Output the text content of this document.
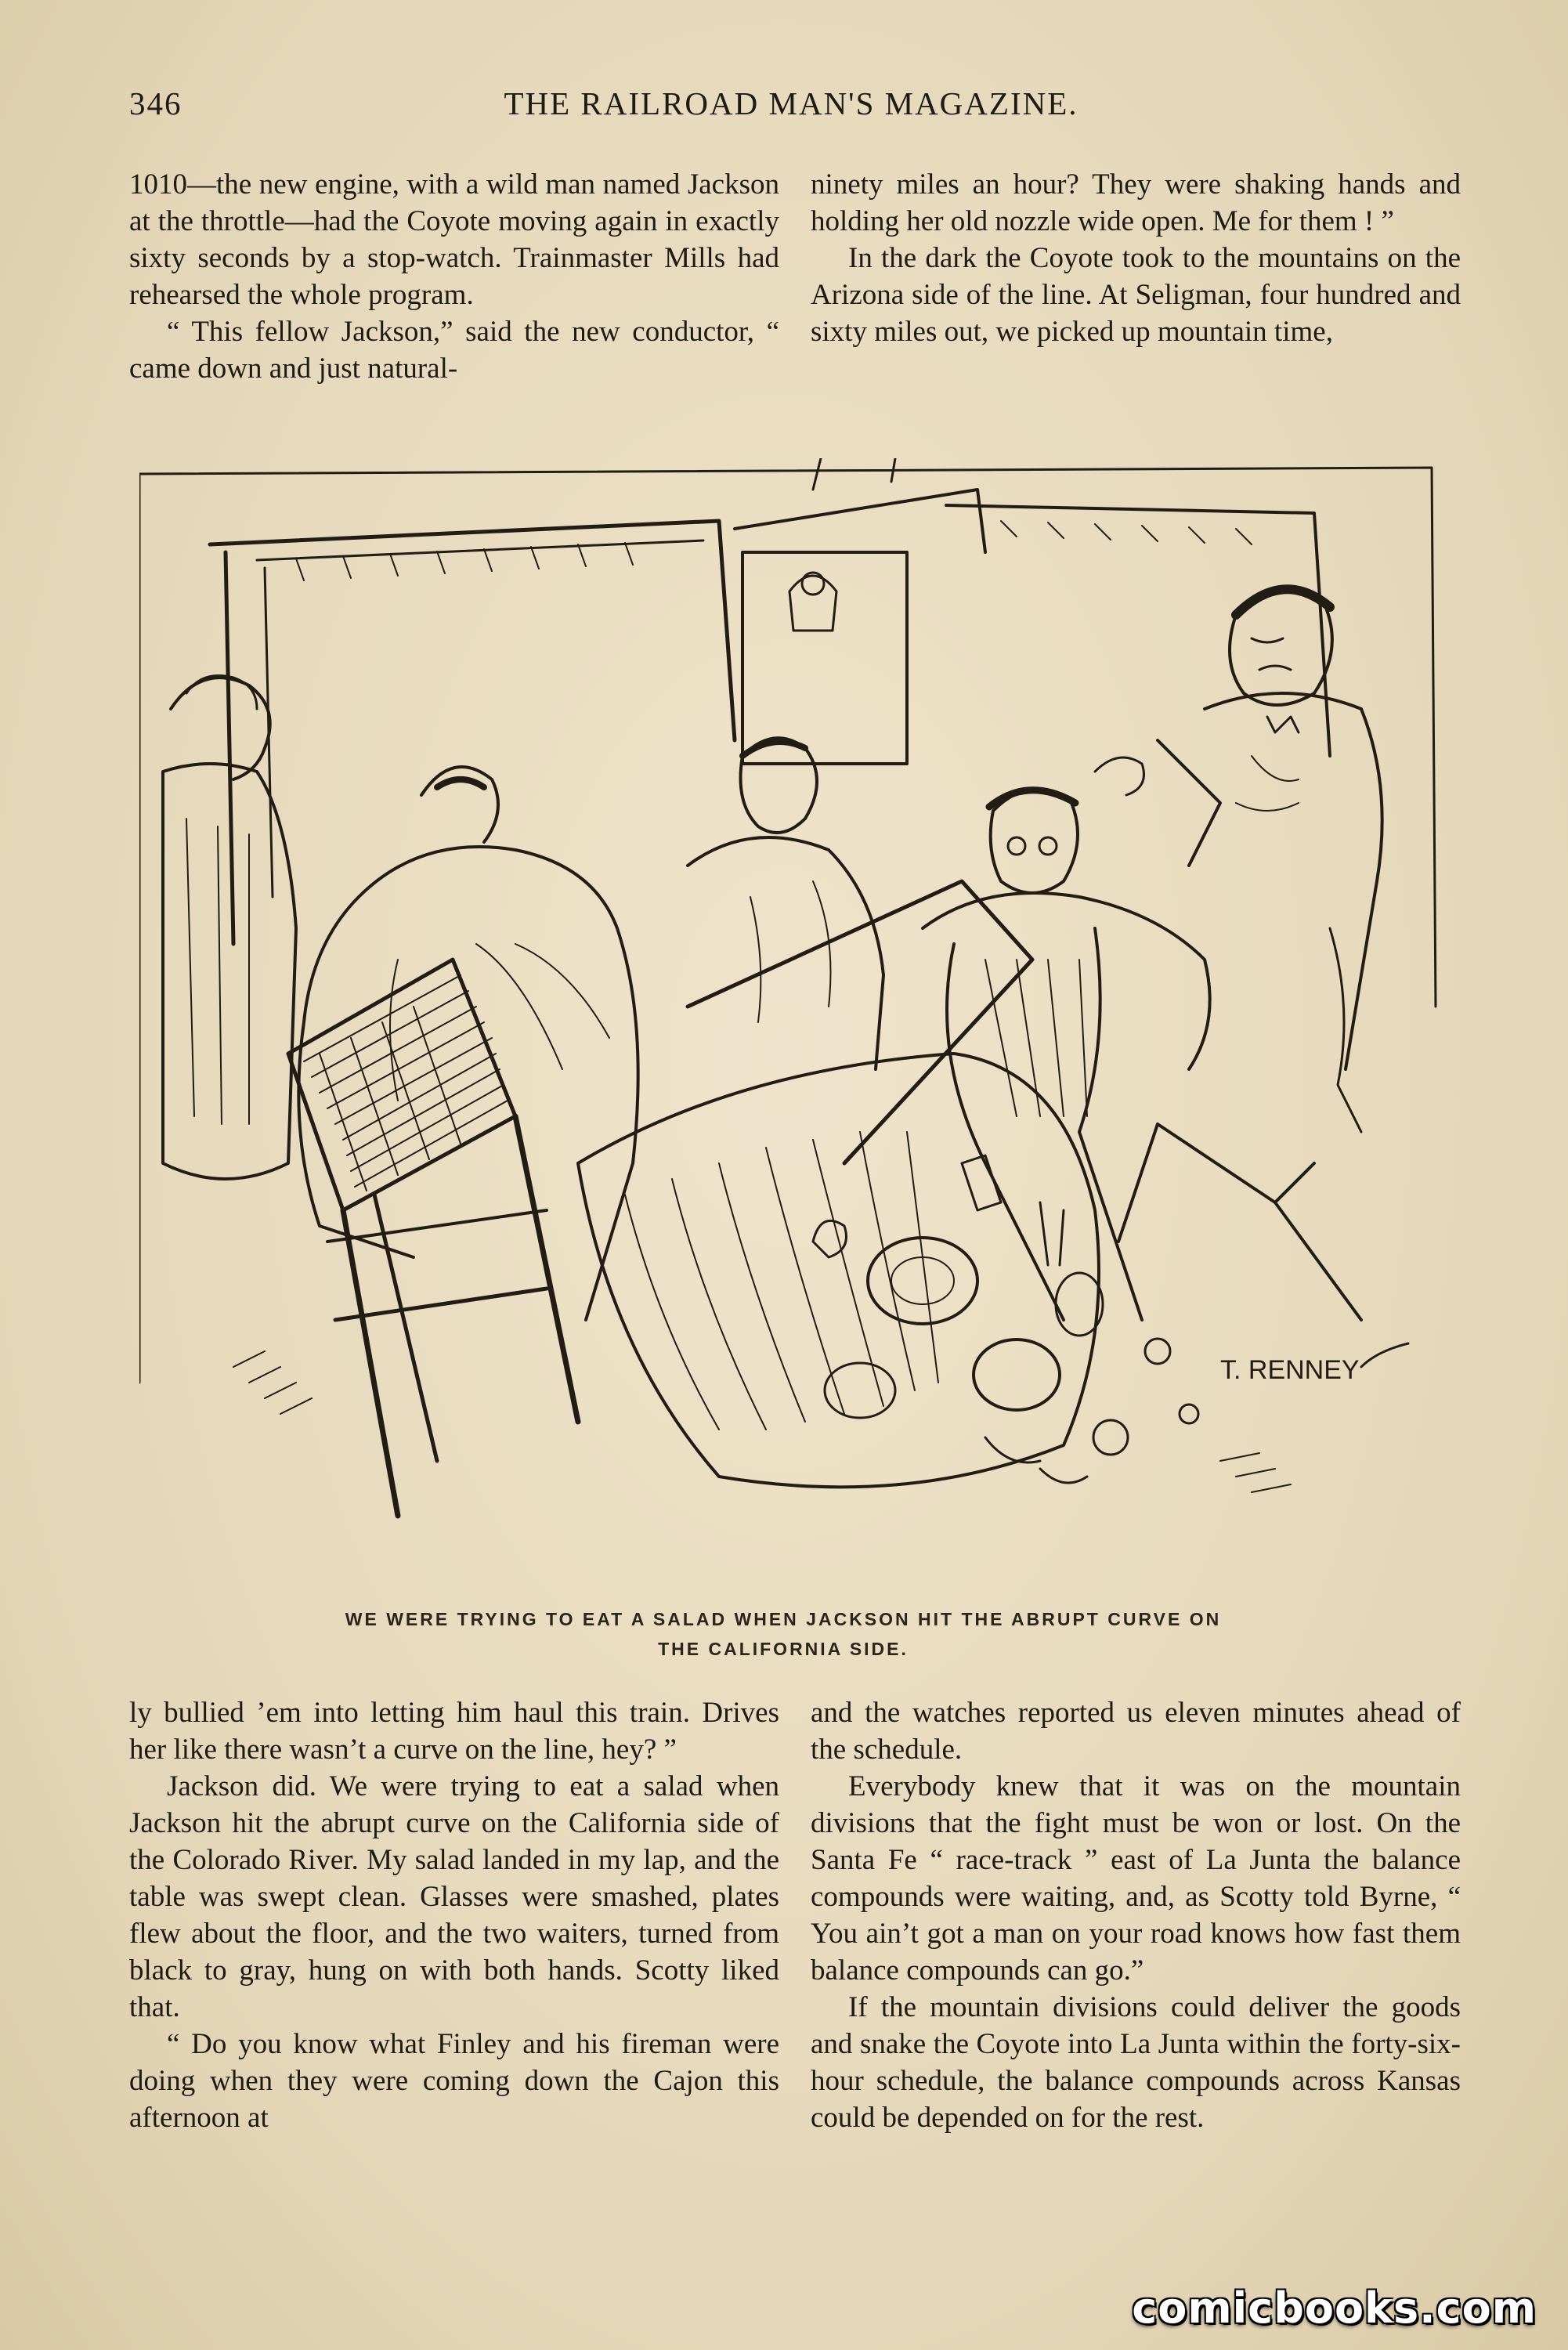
346	THE RAILROAD MAN'S MAGAZINE.

1010—the new engine, with a wild man named Jackson at the throttle—had the Coyote moving again in exactly sixty seconds by a stop-watch. Trainmaster Mills had rehearsed the whole program.

“ This fellow Jackson,” said the new conductor, “ came down and just natural-

ninety miles an hour? They were shaking hands and holding her old nozzle wide open. Me for them ! ”

In the dark the Coyote took to the mountains on the Arizona side of the line. At Seligman, four hundred and sixty miles out, we picked up mountain time,

T. RENNEY
WE WERE TRYING TO EAT A SALAD WHEN JACKSON HIT THE ABRUPT CURVE ON
THE CALIFORNIA SIDE.

ly bullied ’em into letting him haul this train. Drives her like there wasn’t a curve on the line, hey? ”

Jackson did. We were trying to eat a salad when Jackson hit the abrupt curve on the California side of the Colorado River. My salad landed in my lap, and the table was swept clean. Glasses were smashed, plates flew about the floor, and the two waiters, turned from black to gray, hung on with both hands. Scotty liked that.

“ Do you know what Finley and his fireman were doing when they were coming down the Cajon this afternoon at

and the watches reported us eleven minutes ahead of the schedule.

Everybody knew that it was on the mountain divisions that the fight must be won or lost. On the Santa Fe “ race-track ” east of La Junta the balance compounds were waiting, and, as Scotty told Byrne, “ You ain’t got a man on your road knows how fast them balance compounds can go.”

If the mountain divisions could deliver the goods and snake the Coyote into La Junta within the forty-six-hour schedule, the balance compounds across Kansas could be depended on for the rest.

comicbooks.com
